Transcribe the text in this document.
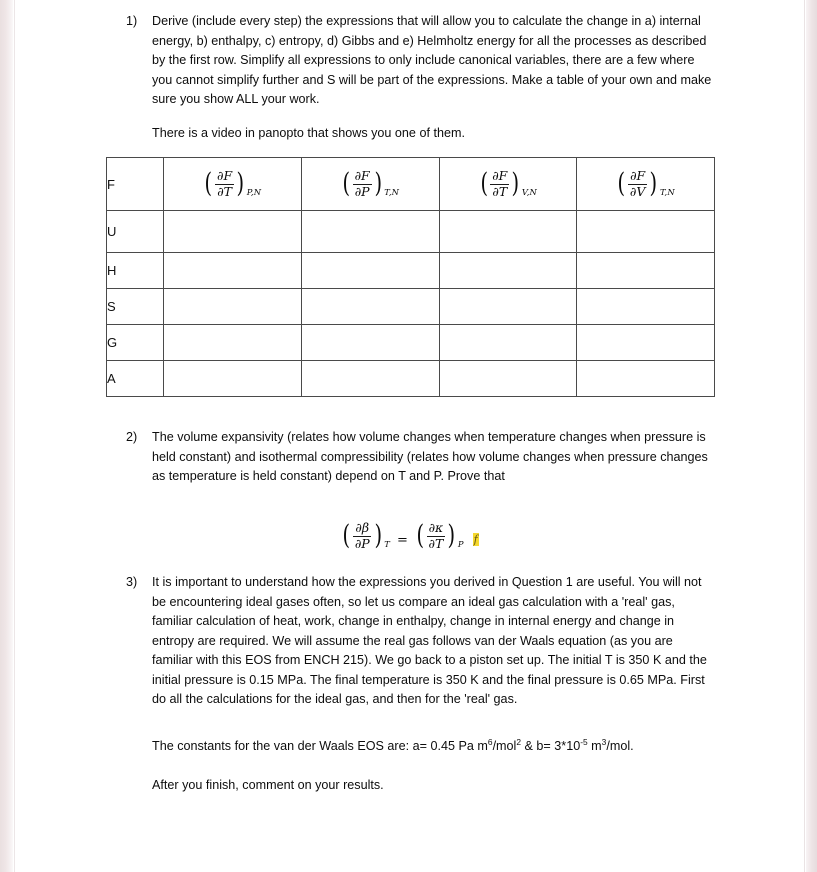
1)	Derive (include every step) the expressions that will allow you to calculate the change in a) internal energy, b) enthalpy, c) entropy, d) Gibbs and e) Helmholtz energy for all the processes as described by the first row. Simplify all expressions to only include canonical variables, there are a few where you cannot simplify further and S will be part of the expressions. Make a table of your own and make sure you show ALL your work.

There is a video in panopto that shows you one of them.
F	( $\frac{\partial F}{\partial T}$ ) P,N	( $\frac{\partial F}{\partial P}$ ) T,N	( $\frac{\partial F}{\partial T}$ ) V,N	( $\frac{\partial F}{\partial V}$ ) T,N

U				
H				
S				
G				
A				
2)	The volume expansivity (relates how volume changes when temperature changes when pressure is held constant) and isothermal compressibility (relates how volume changes when pressure changes as temperature is held constant) depend on T and P. Prove that

( $\frac{\partial\beta}{\partial P}$ ) T = ( $\frac{\partial\kappa}{\partial T}$ ) P f
3)	It is important to understand how the expressions you derived in Question 1 are useful. You will not be encountering ideal gases often, so let us compare an ideal gas calculation with a 'real' gas, familiar calculation of heat, work, change in enthalpy, change in internal energy and change in entropy are required. We will assume the real gas follows van der Waals equation (as you are familiar with this EOS from ENCH 215). We go back to a piston set up. The initial T is 350 K and the initial pressure is 0.15 MPa. The final temperature is 350 K and the final pressure is 0.65 MPa. First do all the calculations for the ideal gas, and then for the 'real' gas.

The constants for the van der Waals EOS are: a= 0.45 Pa $m^6/mol^2$ & $b= 3*10^{-5}$ $m^3$/mol.
After you finish, comment on your results.
